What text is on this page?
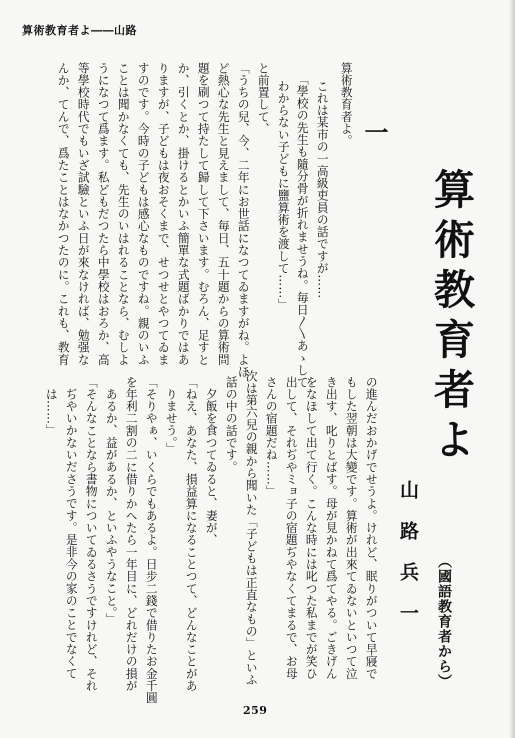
算術教育者よ――山路
算術教育者よ
（國語教育者から）
山路兵一
一
算術教育者よ。
これは某市の一高級吏員の話ですが……
「學校の先生も隨分骨が折れませうね。毎日〳〵あゝして
わからない子どもに鹽算術を渡して……」
と前置して、
「うちの兒、今、二年にお世話になつてゐますがね。よほ
ど熱心な先生と見えまして、毎日、五十題からの算術問
題を刷つて持たして歸して下さいます。むろん、足すと
か、引くとか、掛けるとかいふ簡單な式題ばかりではあ
りますが、子どもは夜おそくまで、せつせとやつてゐま
すのです。今時の子どもは感心なものですね。親のいふ
ことは聞かなくても、先生のいはれることなら、むしよ
うになつて爲ます。私どもだつたら中學校はおろか、高
等學校時代でもいざ試驗といふ日が來なければ、勉强な
んか、てんで、爲たことはなかつたのに。これも、教育
の進んだおかげでせうよ。けれど、眠りがついて早寢で
もした翌朝は大變です。算術が出來てゐないといつて泣
き出す、叱りとばす。母が見かねて爲てやる。ごきげん
をなほして出て行く。こんな時には叱つた私までが笑ひ
出して、それぢやミョ子の宿題ぢやなくてまるで、お母
さんの宿題だね……」
次は第六兒の親から聞いた「子どもは正直なもの」といふ
話の中の話です。
夕飯を食つてゐると、妻が、
「ねえ、あなた、損益算になることつて、どんなことがあ
りませう。」
「そりやぁ、いくらでもあるよ。日步二錢で借りたお金千圓
を年利二割の二に借りかへたら一年目に、どれだけの損が
あるか、益があるか、といふやうなこと。」
「そんなことなら書物についてゐるさうですけれど、それ
ぢやいかないださうです。是非今の家のことでなくて
は……」
259
